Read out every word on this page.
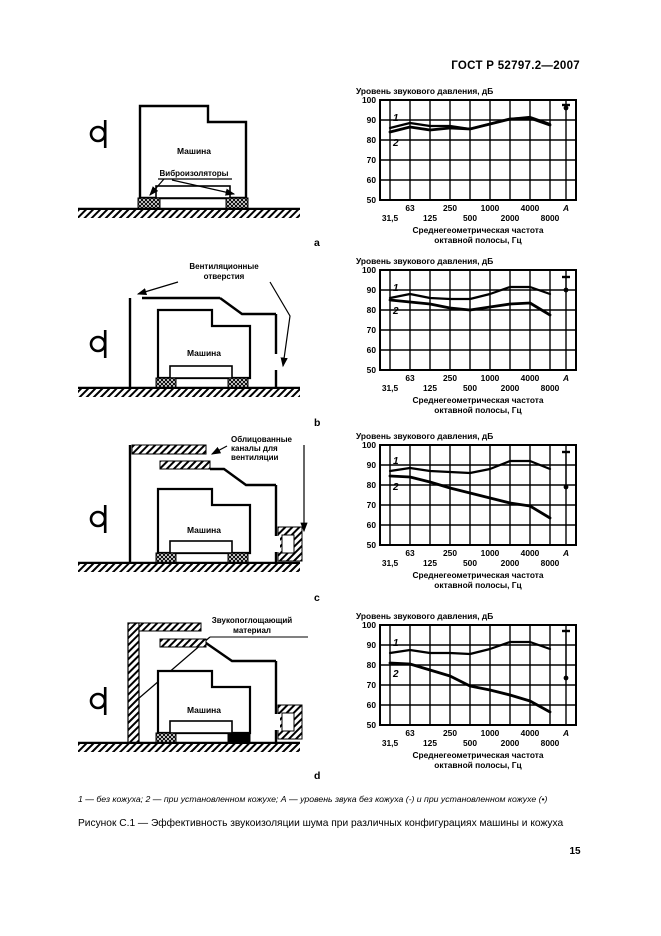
ГОСТ Р 52797.2—2007
Машина
Виброизоляторы
100
90
80
70
60
50
Уровень звукового давления, дБ
31,5
63
125
250
500
1000
2000
4000
8000
А
Среднегеометрическая частота
октавной полосы, Гц
1
2
a
Вентиляционные
отверстия
Машина
100
90
80
70
60
50
Уровень звукового давления, дБ
31,5
63
125
250
500
1000
2000
4000
8000
А
Среднегеометрическая частота
октавной полосы, Гц
1
2
b
Облицованные
каналы для
вентиляции
Машина
100
90
80
70
60
50
Уровень звукового давления, дБ
31,5
63
125
250
500
1000
2000
4000
8000
А
Среднегеометрическая частота
октавной полосы, Гц
1
2
c
Звукопоглощающий
материал
Машина
100
90
80
70
60
50
Уровень звукового давления, дБ
31,5
63
125
250
500
1000
2000
4000
8000
А
Среднегеометрическая частота
октавной полосы, Гц
1
2
d
1 — без кожуха; 2 — при установленном кожухе; А — уровень звука без кожуха (-) и при установленном кожухе (•)
Рисунок С.1 — Эффективность звукоизоляции шума при различных конфигурациях машины и кожуха
15
